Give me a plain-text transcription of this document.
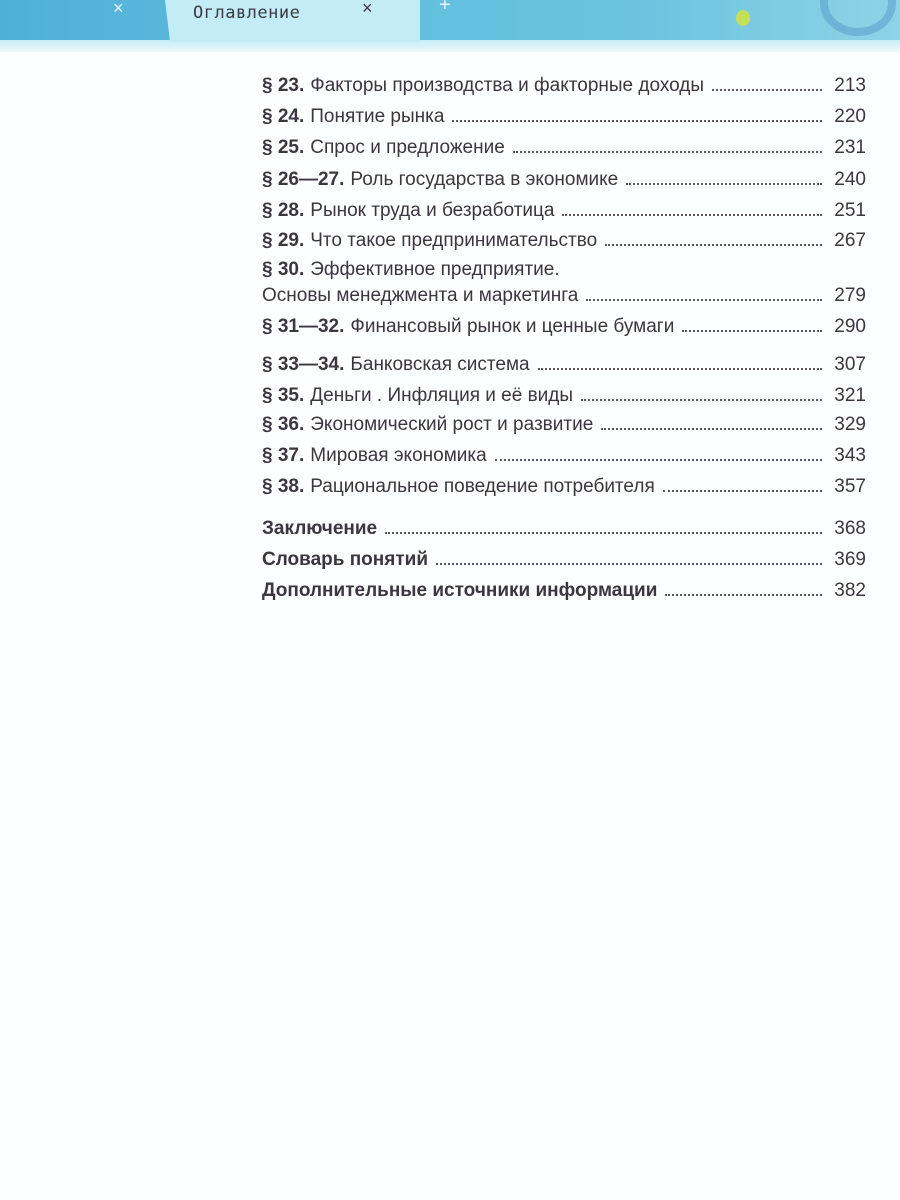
×	Оглавление	×	+
§ 23. Факторы производства и факторные доходы	213
§ 24. Понятие рынка	220
§ 25. Спрос и предложение	231
§ 26—27. Роль государства в экономике	240
§ 28. Рынок труда и безработица	251
§ 29. Что такое предпринимательство	267
§ 30. Эффективное предприятие.
Основы менеджмента и маркетинга	279
§ 31—32. Финансовый рынок и ценные бумаги	290
§ 33—34. Банковская система	307
§ 35. Деньги . Инфляция и её виды	321
§ 36. Экономический рост и развитие	329
§ 37. Мировая экономика	343
§ 38. Рациональное поведение потребителя	357
Заключение	368
Словарь понятий	369
Дополнительные источники информации	382
